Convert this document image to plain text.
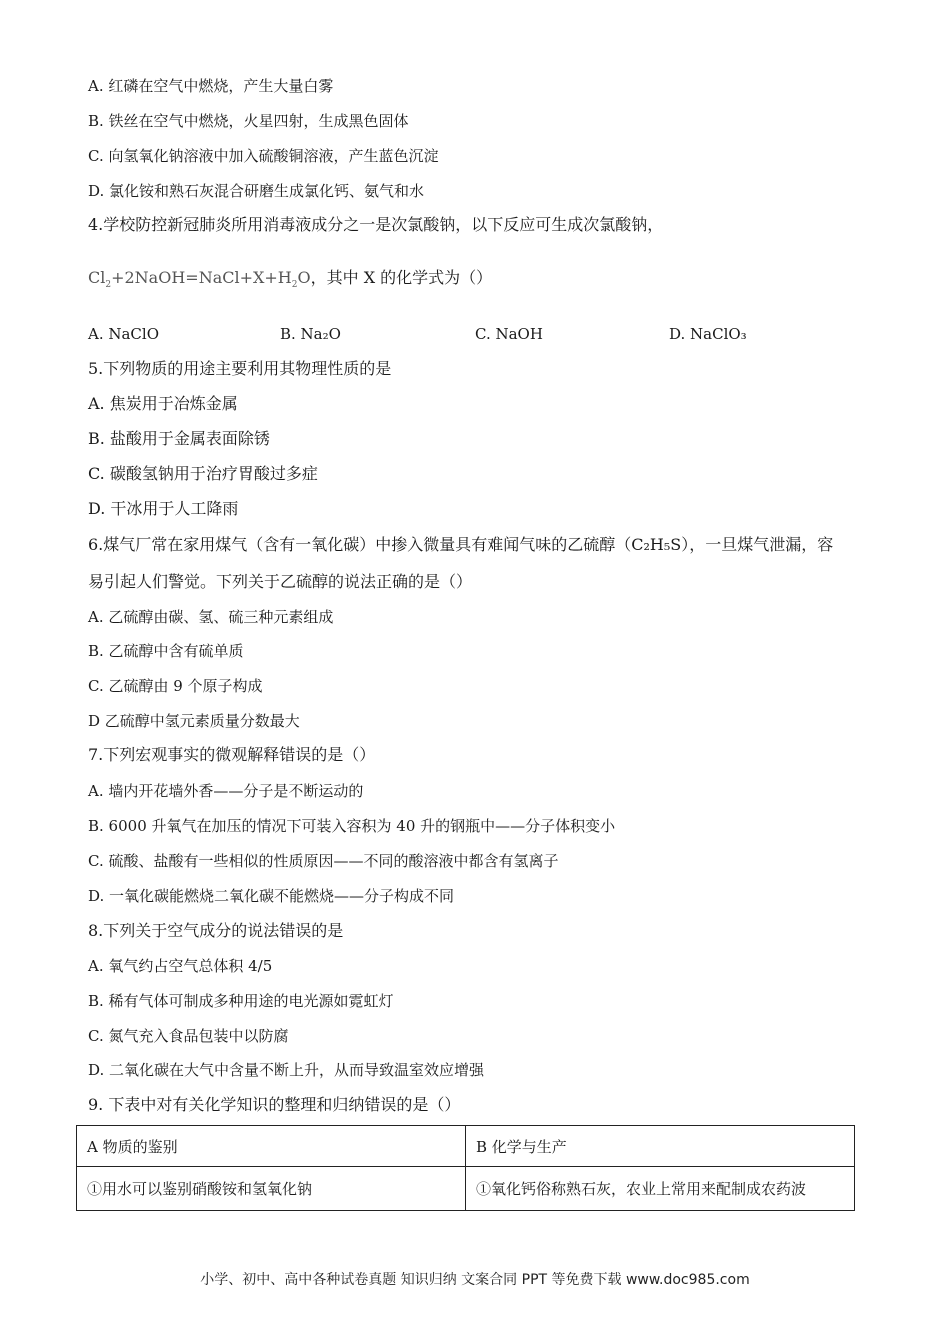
A. 红磷在空气中燃烧，产生大量白雾
B. 铁丝在空气中燃烧，火星四射，生成黑色固体
C. 向氢氧化钠溶液中加入硫酸铜溶液，产生蓝色沉淀
D. 氯化铵和熟石灰混合研磨生成氯化钙、氨气和水
4.学校防控新冠肺炎所用消毒液成分之一是次氯酸钠，以下反应可生成次氯酸钠，
$Cl_2+2NaOH=NaCl+X+H_2O$，其中 X 的化学式为（）
A. NaClO	B. Na₂O	C. NaOH	D. NaClO₃
5.下列物质的用途主要利用其物理性质的是
A. 焦炭用于冶炼金属
B. 盐酸用于金属表面除锈
C. 碳酸氢钠用于治疗胃酸过多症
D. 干冰用于人工降雨
6.煤气厂常在家用煤气（含有一氧化碳）中掺入微量具有难闻气味的乙硫醇（C₂H₅S），一旦煤气泄漏，容
易引起人们警觉。下列关于乙硫醇的说法正确的是（）
A. 乙硫醇由碳、氢、硫三种元素组成
B. 乙硫醇中含有硫单质
C. 乙硫醇由 9 个原子构成
D 乙硫醇中氢元素质量分数最大
7.下列宏观事实的微观解释错误的是（）
A. 墙内开花墙外香——分子是不断运动的
B. 6000 升氧气在加压的情况下可装入容积为 40 升的钢瓶中——分子体积变小
C. 硫酸、盐酸有一些相似的性质原因——不同的酸溶液中都含有氢离子
D. 一氧化碳能燃烧二氧化碳不能燃烧——分子构成不同
8.下列关于空气成分的说法错误的是
A. 氧气约占空气总体积 4/5
B. 稀有气体可制成多种用途的电光源如霓虹灯
C. 氮气充入食品包装中以防腐
D. 二氧化碳在大气中含量不断上升，从而导致温室效应增强
9. 下表中对有关化学知识的整理和归纳错误的是（）
A 物质的鉴别	B 化学与生产
①用水可以鉴别硝酸铵和氢氧化钠	①氧化钙俗称熟石灰，农业上常用来配制成农药波
小学、初中、高中各种试卷真题 知识归纳 文案合同 PPT 等免费下载 www.doc985.com
